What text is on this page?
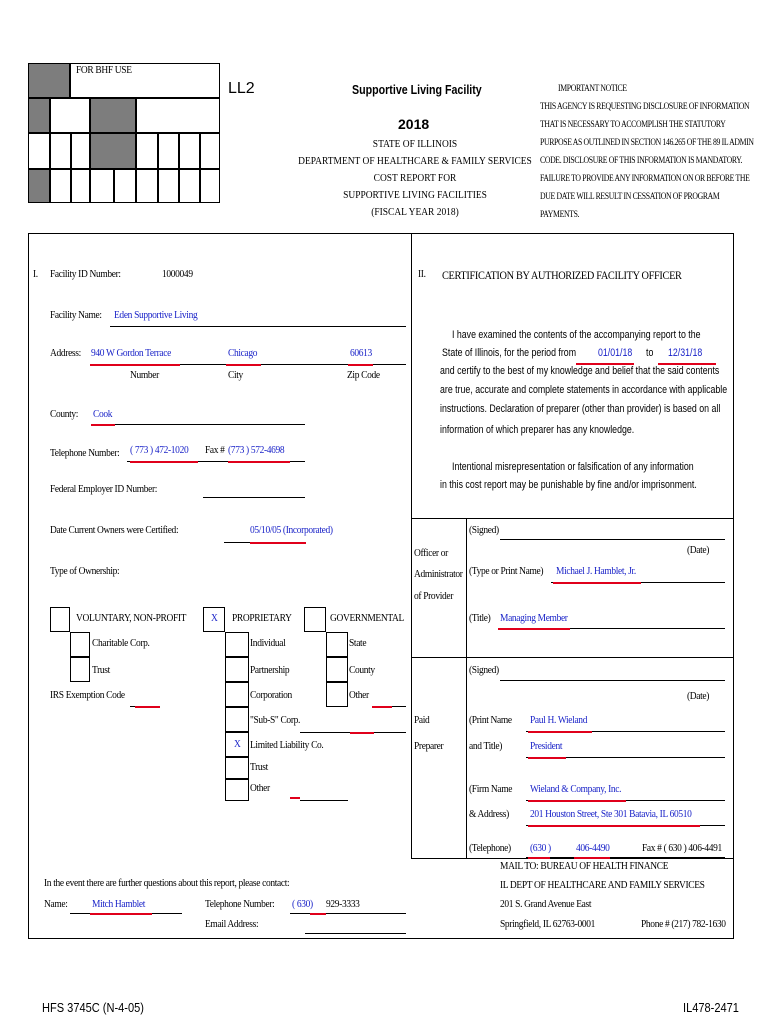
FOR BHF USE
LL2	Supportive Living Facility
2018
STATE OF ILLINOIS
DEPARTMENT OF HEALTHCARE & FAMILY SERVICES
COST REPORT FOR
SUPPORTIVE LIVING FACILITIES
(FISCAL YEAR 2018)
IMPORTANT NOTICE
THIS AGENCY IS REQUESTING DISCLOSURE OF INFORMATION
THAT IS NECESSARY TO ACCOMPLISH THE STATUTORY
PURPOSE AS OUTLINED IN SECTION 146.265 OF THE 89 IL ADMIN
CODE. DISCLOSURE OF THIS INFORMATION IS MANDATORY.
FAILURE TO PROVIDE ANY INFORMATION ON OR BEFORE THE
DUE DATE WILL RESULT IN CESSATION OF PROGRAM
PAYMENTS.
I. Facility ID Number:	1000049
Facility Name: Eden Supportive Living
Address: 940 W Gordon Terrace	Chicago	60613
Number	City	Zip Code
County: Cook
Telephone Number: ( 773 ) 472-1020 Fax # (773 ) 572-4698
Federal Employer ID Number:
Date Current Owners were Certified:	05/10/05 (Incorporated)
Type of Ownership:
VOLUNTARY, NON-PROFIT X PROPRIETARY	GOVERNMENTAL
Charitable Corp.
Trust
IRS Exemption Code
Individual
Partnership
Corporation
"Sub-S" Corp.
X Limited Liability Co.
Trust
Other
State
County
Other
In the event there are further questions about this report, please contact:
Name: Mitch Hamblet	Telephone Number: ( 630) 929-3333
Email Address:
II. CERTIFICATION BY AUTHORIZED FACILITY OFFICER
I have examined the contents of the accompanying report to the
State of Illinois, for the period from 01/01/18 to 12/31/18
and certify to the best of my knowledge and belief that the said contents
are true, accurate and complete statements in accordance with applicable
instructions. Declaration of preparer (other than provider) is based on all
information of which preparer has any knowledge.
Intentional misrepresentation or falsification of any information
in this cost report may be punishable by fine and/or imprisonment.
Officer or
Administrator
of Provider
(Signed)
(Date)
(Type or Print Name) Michael J. Hamblet, Jr.
(Title) Managing Member
Paid
Preparer
(Signed)
(Date)
(Print Name Paul H. Wieland
and Title)	President
(Firm Name Wieland & Company, Inc.
& Address) 201 Houston Street, Ste 301 Batavia, IL 60510
(Telephone) (630 ) 406-4490	Fax # ( 630 ) 406-4491
MAIL TO: BUREAU OF HEALTH FINANCE
IL DEPT OF HEALTHCARE AND FAMILY SERVICES
201 S. Grand Avenue East
Springfield, IL 62763-0001	Phone # (217) 782-1630
HFS 3745C (N-4-05)	IL478-2471
